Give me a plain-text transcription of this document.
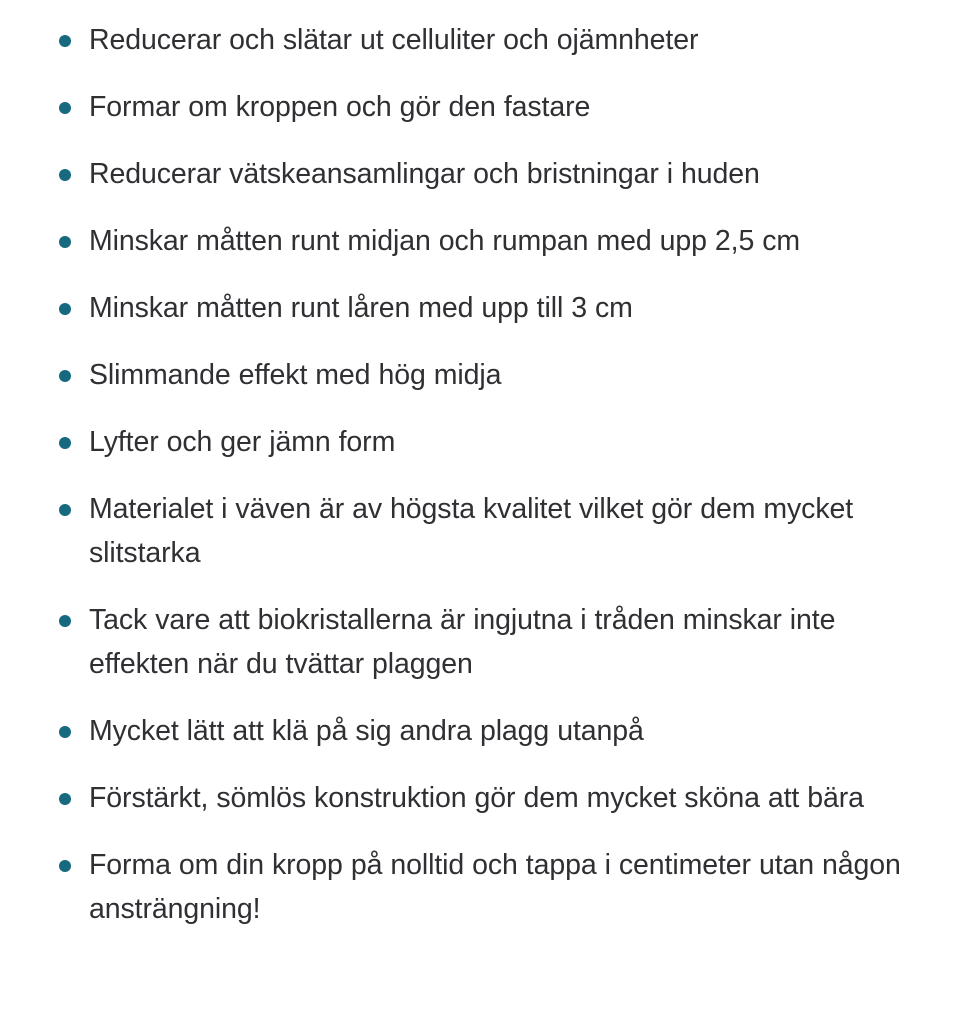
Reducerar och slätar ut celluliter och ojämnheter
Formar om kroppen och gör den fastare
Reducerar vätskeansamlingar och bristningar i huden
Minskar måtten runt midjan och rumpan med upp 2,5 cm
Minskar måtten runt låren med upp till 3 cm
Slimmande effekt med hög midja
Lyfter och ger jämn form
Materialet i väven är av högsta kvalitet vilket gör dem mycket slitstarka
Tack vare att biokristallerna är ingjutna i tråden minskar inte effekten när du tvättar plaggen
Mycket lätt att klä på sig andra plagg utanpå
Förstärkt, sömlös konstruktion gör dem mycket sköna att bära
Forma om din kropp på nolltid och tappa i centimeter utan någon ansträngning!
